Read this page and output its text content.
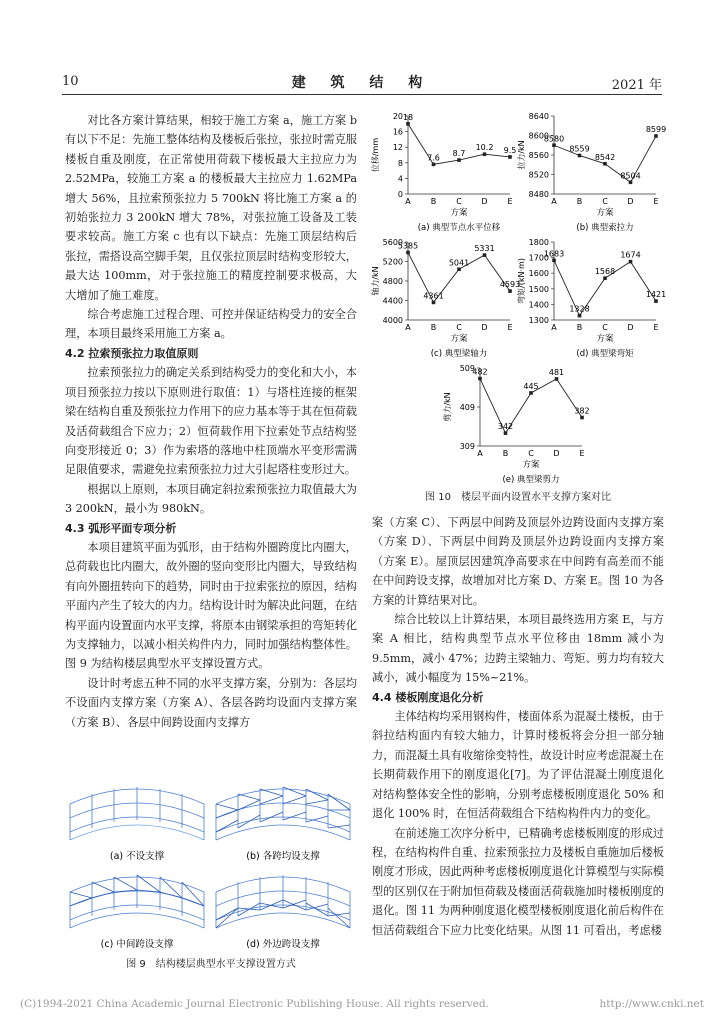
10	建 筑 结 构	2021 年

对比各方案计算结果，相较于施工方案 a，施工方案 b 有以下不足：先施工整体结构及楼板后张拉，张拉时需克服楼板自重及刚度，在正常使用荷载下楼板最大主拉应力为 2.52MPa，较施工方案 a 的楼板最大主拉应力 1.62MPa 增大 56%，且拉索预张拉力 5 700kN 将比施工方案 a 的初始张拉力 3 200kN 增大 78%，对张拉施工设备及工装要求较高。施工方案 c 也有以下缺点：先施工顶层结构后张拉，需搭设高空脚手架，且仅张拉顶层时结构变形较大，最大达 100mm，对于张拉施工的精度控制要求极高，大大增加了施工难度。

综合考虑施工过程合理、可控并保证结构受力的安全合理，本项目最终采用施工方案 a。

4.2 拉索预张拉力取值原则

拉索预张拉力的确定关系到结构受力的变化和大小，本项目预张拉力按以下原则进行取值：1）与塔柱连接的框架梁在结构自重及预张拉力作用下的应力基本等于其在恒荷载及活荷载组合下应力；2）恒荷载作用下拉索处节点结构竖向变形接近 0；3）作为索塔的落地中柱顶端水平变形需满足限值要求，需避免拉索预张拉力过大引起塔柱变形过大。

根据以上原则，本项目确定斜拉索预张拉力取值最大为 3 200kN，最小为 980kN。

4.3 弧形平面专项分析

本项目建筑平面为弧形，由于结构外圈跨度比内圈大，总荷载也比内圈大，故外圈的竖向变形比内圈大，导致结构有向外圈扭转向下的趋势，同时由于拉索张拉的原因，结构平面内产生了较大的内力。结构设计时为解决此问题，在结构平面内设置面内水平支撑，将原本由钢梁承担的弯矩转化为支撑轴力，以减小相关构件内力，同时加强结构整体性。图 9 为结构楼层典型水平支撑设置方式。

设计时考虑五种不同的水平支撑方案，分别为：各层均不设面内支撑方案（方案 A）、各层各跨均设面内支撑方案（方案 B）、各层中间跨设面内支撑方

(a) 不设支撑	(b) 各跨均设支撑
(c) 中间跨设支撑	(d) 外边跨设支撑
图 9　结构楼层典型水平支撑设置方式
0
4
8
12
16
20
A	B C D E
位移/mm
方案
18
7.6 8.7
10.2 9.5
(a) 典型节点水平位移
8480
8520
8560
8600
8640
A	B C D E
拉力/kN
方案
8580
8559
8542
8504
8599
(b) 典型索拉力
4000
4400
4800
5200
5600
A	B C D E
轴力/kN
方案
5385
4361
5041
5331
4593
(c) 典型梁轴力
1300
1400
1500
1600
1700
1800
A	B C D E
弯矩/(kN·m)
方案
1683
1328
1568
1674
1421
(d) 典型梁弯矩
309
409
509
A	B C D E
剪力/kN
方案
482
342
445
481
382
(e) 典型梁剪力
图 10　楼层平面内设置水平支撑方案对比

案（方案 C）、下两层中间跨及顶层外边跨设面内支撑方案（方案 D）、下两层中间跨及顶层外边跨设面内支撑方案（方案 E）。屋顶层因建筑净高要求在中间跨有高差而不能在中间跨设支撑，故增加对比方案 D、方案 E。图 10 为各方案的计算结果对比。

综合比较以上计算结果，本项目最终选用方案 E，与方案 A 相比，结构典型节点水平位移由 18mm 减小为 9.5mm，减小 47%；边跨主梁轴力、弯矩、剪力均有较大减小，减小幅度为 15%~21%。

4.4 楼板刚度退化分析

主体结构均采用钢构件，楼面体系为混凝土楼板，由于斜拉结构面内有较大轴力，计算时楼板将会分担一部分轴力，而混凝土具有收缩徐变特性，故设计时应考虑混凝土在长期荷载作用下的刚度退化[7]。为了评估混凝土刚度退化对结构整体安全性的影响，分别考虑楼板刚度退化 50% 和退化 100% 时，在恒活荷载组合下结构构件内力的变化。

在前述施工次序分析中，已精确考虑楼板刚度的形成过程，在结构构件自重、拉索预张拉力及楼板自重施加后楼板刚度才形成，因此两种考虑楼板刚度退化计算模型与实际模型的区别仅在于附加恒荷载及楼面活荷载施加时楼板刚度的退化。图 11 为两种刚度退化模型楼板刚度退化前后构件在恒活荷载组合下应力比变化结果。从图 11 可看出，考虑楼

(C)1994-2021 China Academic Journal Electronic Publishing House. All rights reserved.	http://www.cnki.net
